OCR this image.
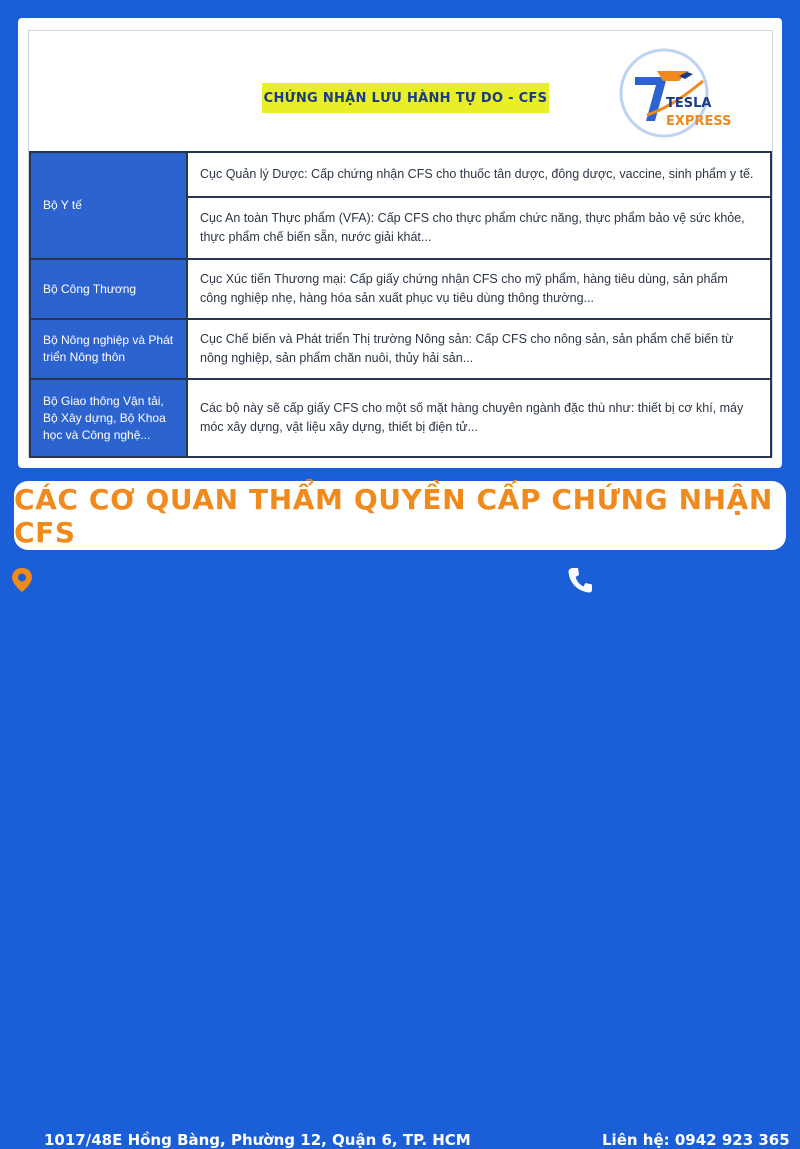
CHỨNG NHẬN LƯU HÀNH TỰ DO - CFS	TESLA
EXPRESS
Bộ Y tế	Cục Quản lý Dược: Cấp chứng nhận CFS cho thuốc tân dược, đông dược, vaccine, sinh phẩm y tế.
	Cục An toàn Thực phẩm (VFA): Cấp CFS cho thực phẩm chức năng, thực phẩm bảo vệ sức khỏe, thực phẩm chế biến sẵn, nước giải khát...
Bộ Công Thương	Cục Xúc tiến Thương mại: Cấp giấy chứng nhận CFS cho mỹ phẩm, hàng tiêu dùng, sản phẩm công nghiệp nhẹ, hàng hóa sản xuất phục vụ tiêu dùng thông thường...
Bộ Nông nghiệp và Phát triển Nông thôn	Cục Chế biến và Phát triển Thị trường Nông sản: Cấp CFS cho nông sản, sản phẩm chế biến từ nông nghiệp, sản phẩm chăn nuôi, thủy hải sản...
Bộ Giao thông Vận tải, Bộ Xây dựng, Bộ Khoa học và Công nghệ...	Các bộ này sẽ cấp giấy CFS cho một số mặt hàng chuyên ngành đặc thù như: thiết bị cơ khí, máy móc xây dựng, vật liệu xây dựng, thiết bị điện tử...
CÁC CƠ QUAN THẨM QUYỀN CẤP CHỨNG NHẬN CFS
1017/48E Hồng Bàng, Phường 12, Quận 6, TP. HCM	Liên hệ: 0942 923 365
